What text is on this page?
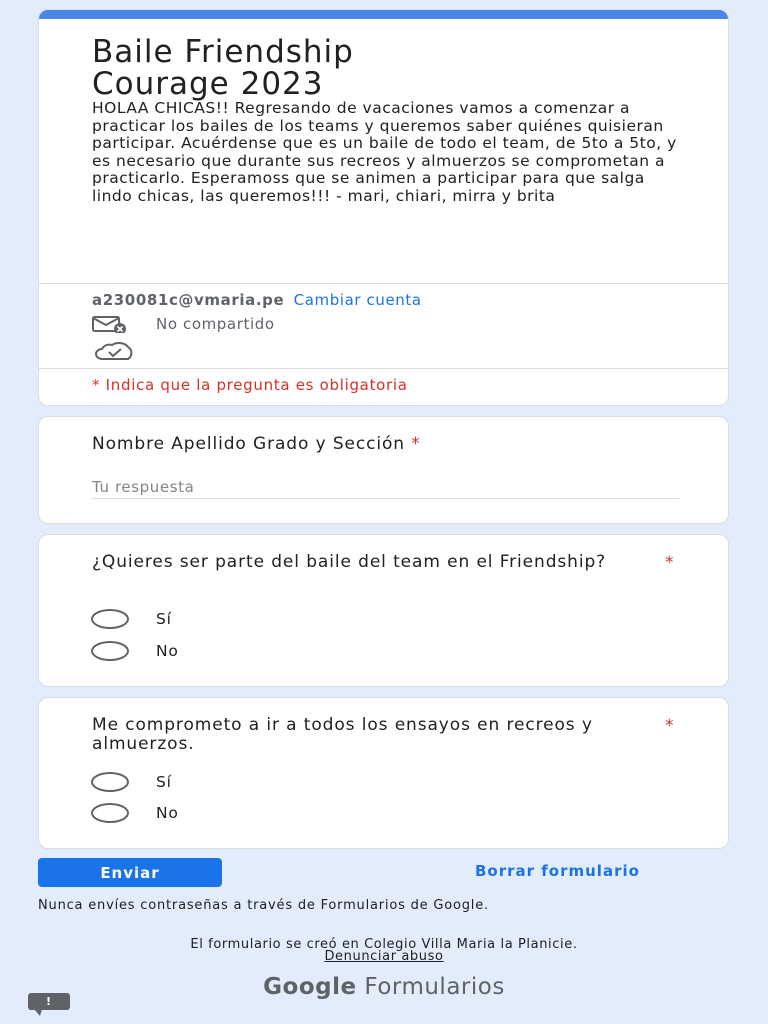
Baile Friendship
Courage 2023

HOLAA CHICAS!! Regresando de vacaciones vamos a comenzar a practicar los bailes de los teams y queremos saber quiénes quisieran participar. Acuérdense que es un baile de todo el team, de 5to a 5to, y es necesario que durante sus recreos y almuerzos se comprometan a practicarlo. Esperamoss que se animen a participar para que salga lindo chicas, las queremos!!! - mari, chiari, mirra y brita

a230081c@vmaria.pe Cambiar cuenta
No compartido
* Indica que la pregunta es obligatoria
Nombre Apellido Grado y Sección *
Tu respuesta
¿Quieres ser parte del baile del team en el Friendship?	*
Sí
No
Me comprometo a ir a todos los ensayos en recreos y almuerzos.
*
Sí
No
Enviar	Borrar formulario
Nunca envíes contraseñas a través de Formularios de Google.
El formulario se creó en Colegio Villa Maria la Planicie.
Denunciar abuso
Google Formularios
!
